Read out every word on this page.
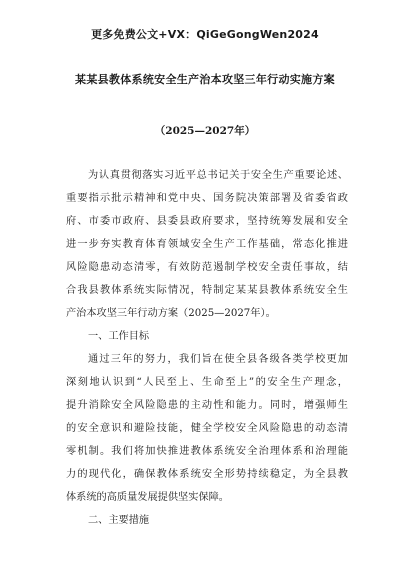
更多免费公文+VX：QiGeGongWen2024
某某县教体系统安全生产治本攻坚三年行动实施方案
（2025—2027年）
为认真贯彻落实习近平总书记关于安全生产重要论述、
重要指示批示精神和党中央、国务院决策部署及省委省政
府、市委市政府、县委县政府要求，坚持统筹发展和安全
进一步夯实教育体育领域安全生产工作基础，常态化推进
风险隐患动态清零，有效防范遏制学校安全责任事故，结
合我县教体系统实际情况，特制定某某县教体系统安全生
产治本攻坚三年行动方案（2025—2027年）。
一、工作目标
通过三年的努力，我们旨在使全县各级各类学校更加
深刻地认识到“人民至上、生命至上”的安全生产理念，
提升消除安全风险隐患的主动性和能力。同时，增强师生
的安全意识和避险技能，健全学校安全风险隐患的动态清
零机制。我们将加快推进教体系统安全治理体系和治理能
力的现代化，确保教体系统安全形势持续稳定，为全县教
体系统的高质量发展提供坚实保障。
二、主要措施
